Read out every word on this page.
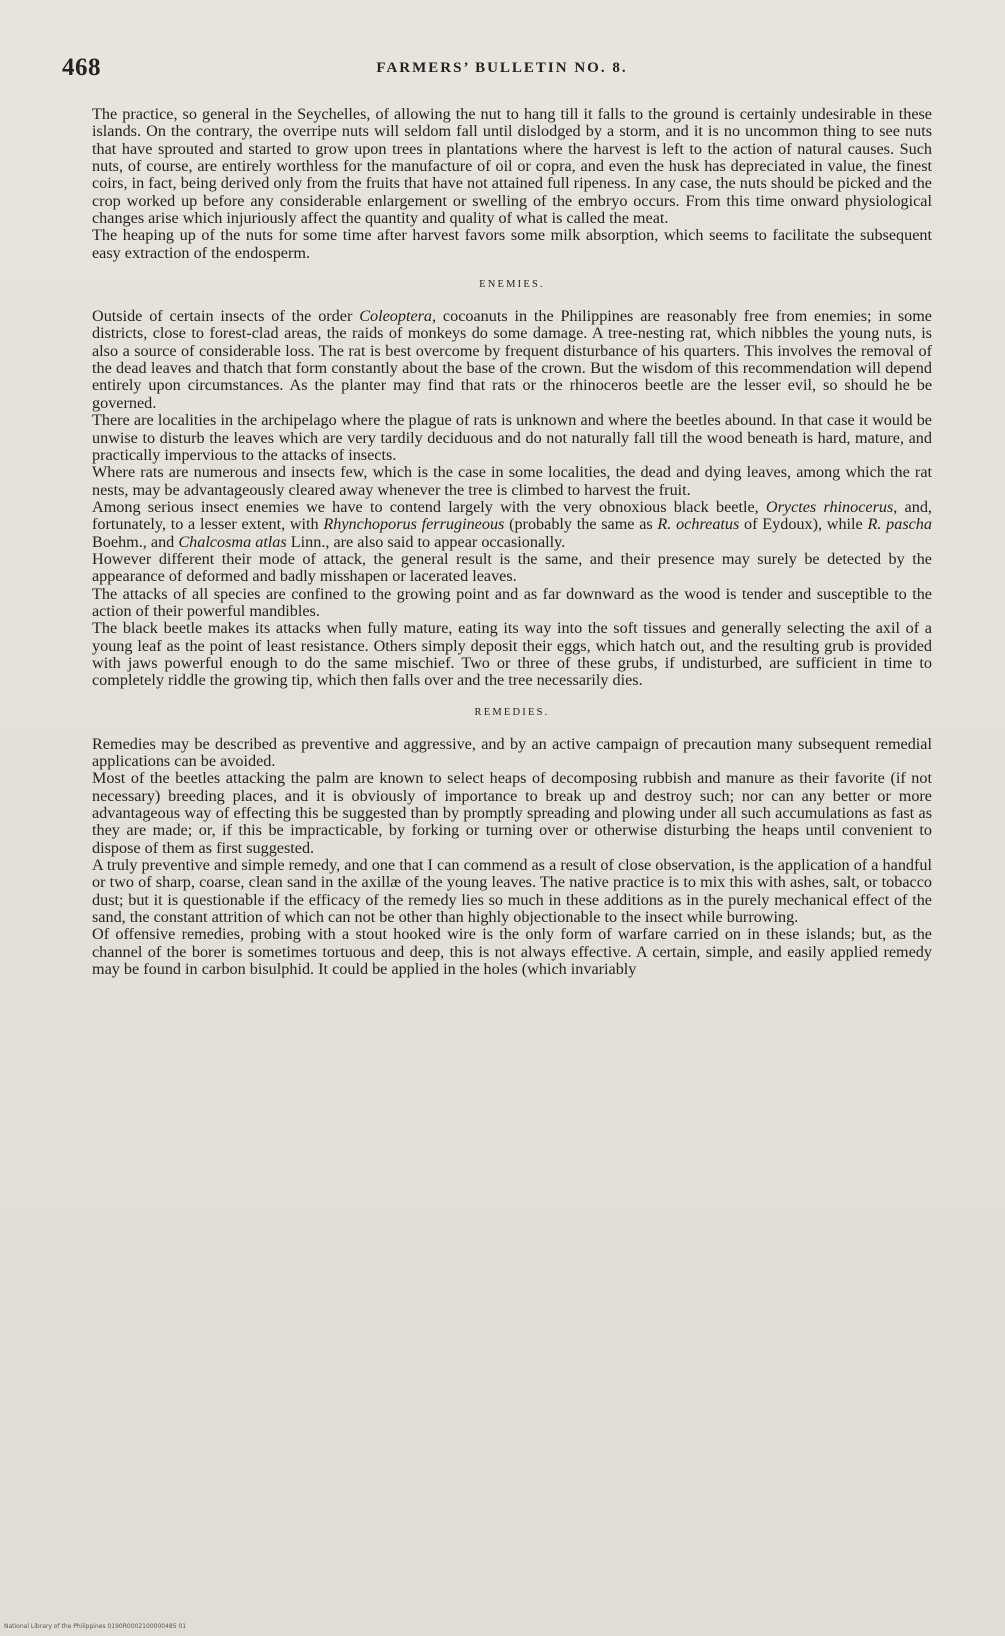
468	FARMERS’ BULLETIN NO. 8.

The practice, so general in the Seychelles, of allowing the nut to hang till it falls to the ground is certainly undesirable in these islands. On the contrary, the overripe nuts will seldom fall until dislodged by a storm, and it is no uncommon thing to see nuts that have sprouted and started to grow upon trees in plantations where the harvest is left to the action of natural causes. Such nuts, of course, are entirely worthless for the manufacture of oil or copra, and even the husk has depreciated in value, the finest coirs, in fact, being derived only from the fruits that have not attained full ripeness. In any case, the nuts should be picked and the crop worked up before any considerable enlargement or swelling of the embryo occurs. From this time onward physiological changes arise which injuriously affect the quantity and quality of what is called the meat.

The heaping up of the nuts for some time after harvest favors some milk absorption, which seems to facilitate the subsequent easy extraction of the endosperm.

ENEMIES.

Outside of certain insects of the order Coleoptera, cocoanuts in the Philippines are reasonably free from enemies; in some districts, close to forest-clad areas, the raids of monkeys do some damage. A tree-nesting rat, which nibbles the young nuts, is also a source of considerable loss. The rat is best overcome by frequent disturbance of his quarters. This involves the removal of the dead leaves and thatch that form constantly about the base of the crown. But the wisdom of this recommendation will depend entirely upon circumstances. As the planter may find that rats or the rhinoceros beetle are the lesser evil, so should he be governed.

There are localities in the archipelago where the plague of rats is unknown and where the beetles abound. In that case it would be unwise to disturb the leaves which are very tardily deciduous and do not naturally fall till the wood beneath is hard, mature, and practically impervious to the attacks of insects.

Where rats are numerous and insects few, which is the case in some localities, the dead and dying leaves, among which the rat nests, may be advantageously cleared away whenever the tree is climbed to harvest the fruit.

Among serious insect enemies we have to contend largely with the very obnoxious black beetle, Oryctes rhinocerus, and, fortunately, to a lesser extent, with Rhynchoporus ferrugineous (probably the same as R. ochreatus of Eydoux), while R. pascha Boehm., and Chalcosma atlas Linn., are also said to appear occasionally.

However different their mode of attack, the general result is the same, and their presence may surely be detected by the appearance of deformed and badly misshapen or lacerated leaves.

The attacks of all species are confined to the growing point and as far downward as the wood is tender and susceptible to the action of their powerful mandibles.

The black beetle makes its attacks when fully mature, eating its way into the soft tissues and generally selecting the axil of a young leaf as the point of least resistance. Others simply deposit their eggs, which hatch out, and the resulting grub is provided with jaws powerful enough to do the same mischief. Two or three of these grubs, if undisturbed, are sufficient in time to completely riddle the growing tip, which then falls over and the tree necessarily dies.

REMEDIES.

Remedies may be described as preventive and aggressive, and by an active campaign of precaution many subsequent remedial applications can be avoided.

Most of the beetles attacking the palm are known to select heaps of decomposing rubbish and manure as their favorite (if not necessary) breeding places, and it is obviously of importance to break up and destroy such; nor can any better or more advantageous way of effecting this be suggested than by promptly spreading and plowing under all such accumulations as fast as they are made; or, if this be impracticable, by forking or turning over or otherwise disturbing the heaps until convenient to dispose of them as first suggested.

A truly preventive and simple remedy, and one that I can commend as a result of close observation, is the application of a handful or two of sharp, coarse, clean sand in the axillæ of the young leaves. The native practice is to mix this with ashes, salt, or tobacco dust; but it is questionable if the efficacy of the remedy lies so much in these additions as in the purely mechanical effect of the sand, the constant attrition of which can not be other than highly objectionable to the insect while burrowing.

Of offensive remedies, probing with a stout hooked wire is the only form of warfare carried on in these islands; but, as the channel of the borer is sometimes tortuous and deep, this is not always effective. A certain, simple, and easily applied remedy may be found in carbon bisulphid. It could be applied in the holes (which invariably

National Library of the Philippines 0190R0002100000485 01
